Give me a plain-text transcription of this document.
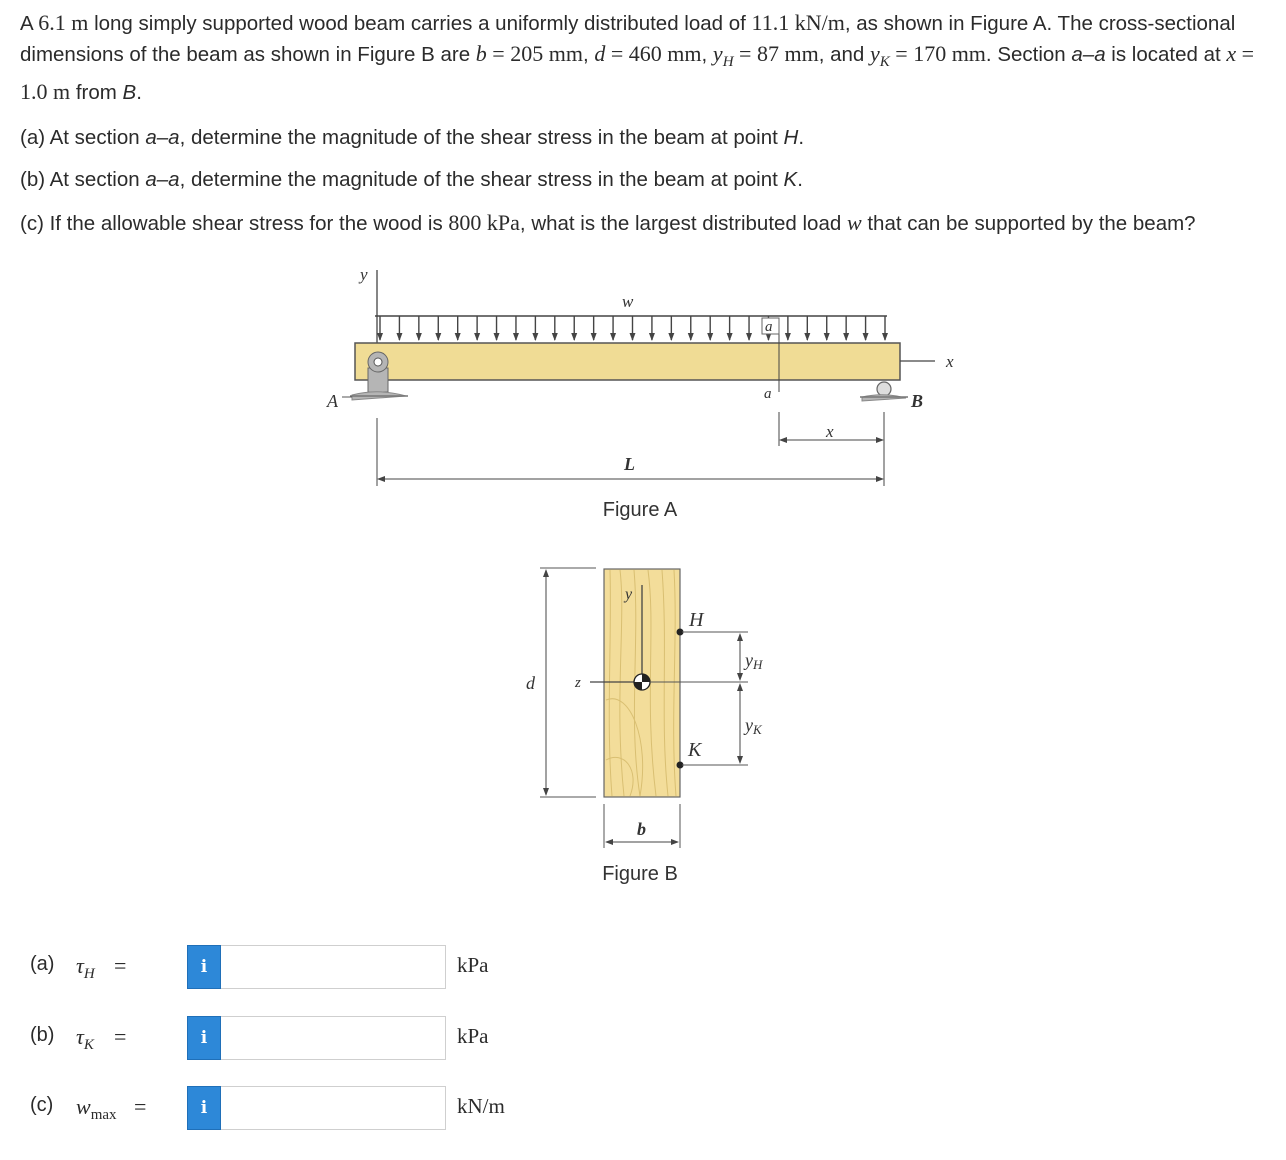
A 6.1 m long simply supported wood beam carries a uniformly distributed load of 11.1 kN/m, as shown in Figure A. The cross-sectional dimensions of the beam as shown in Figure B are b = 205 mm, d = 460 mm, $y_H = 87$ mm, and $y_K = 170$ mm. Section a–a is located at x = 1.0 m from B.

(a) At section a–a, determine the magnitude of the shear stress in the beam at point H.

(b) At section a–a, determine the magnitude of the shear stress in the beam at point K.

(c) If the allowable shear stress for the wood is 800 kPa, what is the largest distributed load w that can be supported by the beam?

y
w
x
a
a
A	B
x
L
Figure A
d
y
z
H
K
yH
yK
b
Figure B
(a) $\tau_H$ =	i	kPa
(b) $\tau_K$ =	i	kPa
(c) $w_{max}$ =	i	kN/m
